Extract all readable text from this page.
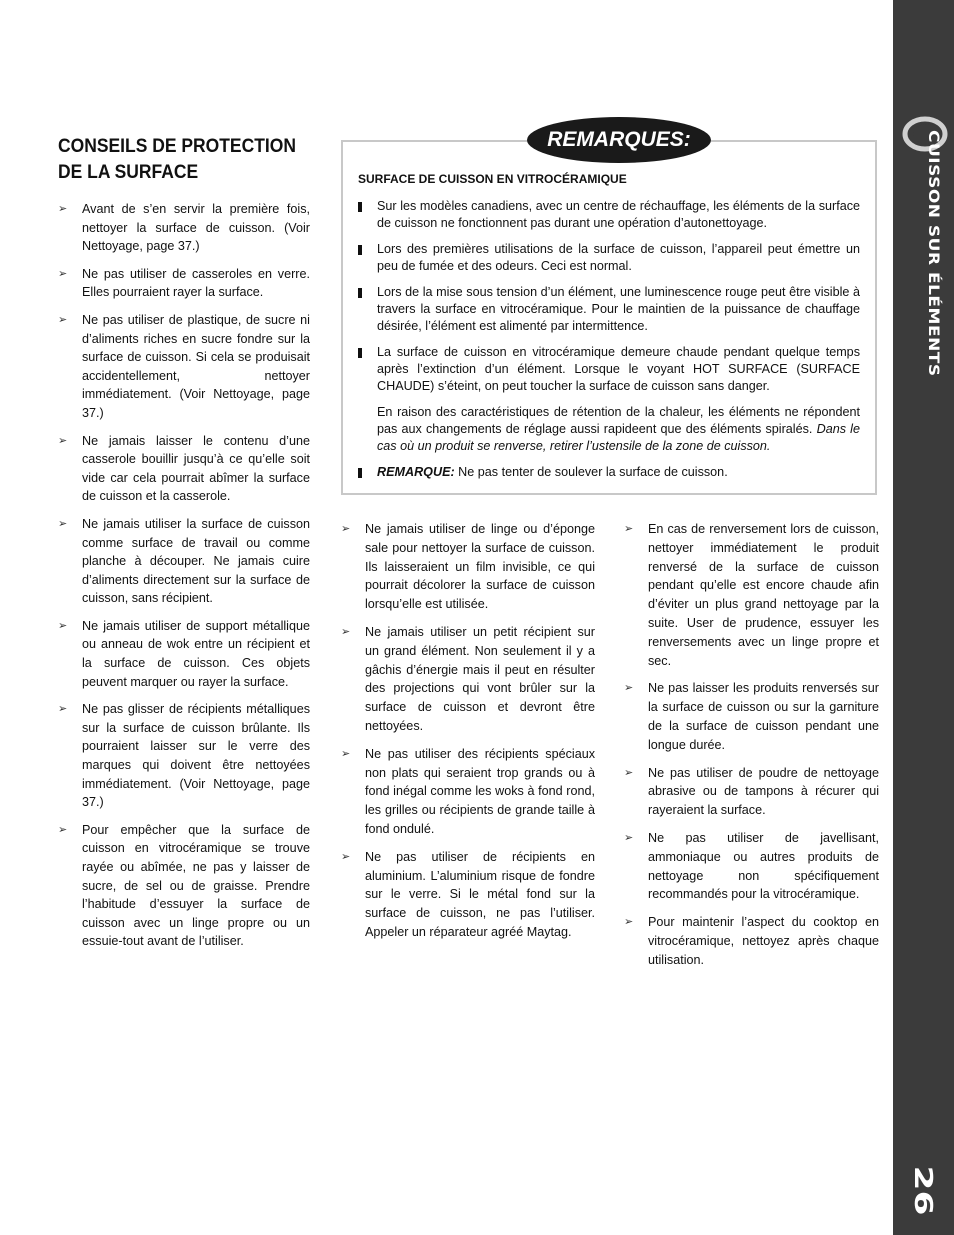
CUISSON SUR ÉLÉMENTS
26
CONSEILS DE PROTECTION
DE LA SURFACE
➢ Avant de s’en servir la première fois, nettoyer la surface de cuisson. (Voir Nettoyage, page 37.)
➢ Ne pas utiliser de casseroles en verre. Elles pourraient rayer la surface.
➢ Ne pas utiliser de plastique, de sucre ni d’aliments riches en sucre fondre sur la surface de cuisson. Si cela se produisait accidentellement, nettoyer immédiatement. (Voir Nettoyage, page 37.)
➢ Ne jamais laisser le contenu d’une casserole bouillir jusqu’à ce qu’elle soit vide car cela pourrait abîmer la surface de cuisson et la casserole.
➢ Ne jamais utiliser la surface de cuisson comme surface de travail ou comme planche à découper. Ne jamais cuire d’aliments directement sur la surface de cuisson, sans récipient.
➢ Ne jamais utiliser de support métallique ou anneau de wok entre un récipient et la surface de cuisson. Ces objets peuvent marquer ou rayer la surface.
➢ Ne pas glisser de récipients métalliques sur la surface de cuisson brûlante. Ils pourraient laisser sur le verre des marques qui doivent être nettoyées immédiatement. (Voir Nettoyage, page 37.)
➢ Pour empêcher que la surface de cuisson en vitrocéramique se trouve rayée ou abîmée, ne pas y laisser de sucre, de sel ou de graisse. Prendre l’habitude d’essuyer la surface de cuisson avec un linge propre ou un essuie-tout avant de l’utiliser.
REMARQUES:
SURFACE DE CUISSON EN VITROCÉRAMIQUE
Sur les modèles canadiens, avec un centre de réchauffage, les éléments de la surface de cuisson ne fonctionnent pas durant une opération d’autonettoyage.
Lors des premières utilisations de la surface de cuisson, l’appareil peut émettre un peu de fumée et des odeurs. Ceci est normal.
Lors de la mise sous tension d’un élément, une luminescence rouge peut être visible à travers la surface en vitrocéramique. Pour le maintien de la puissance de chauffage désirée, l’élément est alimenté par intermittence.
La surface de cuisson en vitrocéramique demeure chaude pendant quelque temps après l’extinction d’un élément. Lorsque le voyant HOT SURFACE (SURFACE CHAUDE) s’éteint, on peut toucher la surface de cuisson sans danger.
En raison des caractéristiques de rétention de la chaleur, les éléments ne répondent pas aux changements de réglage aussi rapideent que des éléments spiralés. Dans le cas où un produit se renverse, retirer l’ustensile de la zone de cuisson.
REMARQUE: Ne pas tenter de soulever la surface de cuisson.
➢ Ne jamais utiliser de linge ou d’éponge sale pour nettoyer la surface de cuisson. Ils laisseraient un film invisible, ce qui pourrait décolorer la surface de cuisson lorsqu’elle est utilisée.
➢ Ne jamais utiliser un petit récipient sur un grand élément. Non seulement il y a gâchis d’énergie mais il peut en résulter des projections qui vont brûler sur la surface de cuisson et devront être nettoyées.
➢ Ne pas utiliser des récipients spéciaux non plats qui seraient trop grands ou à fond inégal comme les woks à fond rond, les grilles ou récipients de grande taille à fond ondulé.
➢ Ne pas utiliser de récipients en aluminium. L’aluminium risque de fondre sur le verre. Si le métal fond sur la surface de cuisson, ne pas l’utiliser. Appeler un réparateur agréé Maytag.
➢ En cas de renversement lors de cuisson, nettoyer immédiatement le produit renversé de la surface de cuisson pendant qu’elle est encore chaude afin d’éviter un plus grand nettoyage par la suite. User de prudence, essuyer les renversements avec un linge propre et sec.
➢ Ne pas laisser les produits renversés sur la surface de cuisson ou sur la garniture de la surface de cuisson pendant une longue durée.
➢ Ne pas utiliser de poudre de nettoyage abrasive ou de tampons à récurer qui rayeraient la surface.
➢ Ne pas utiliser de javellisant, ammoniaque ou autres produits de nettoyage non spécifiquement recommandés pour la vitrocéramique.
➢ Pour maintenir l’aspect du cooktop en vitrocéramique, nettoyez après chaque utilisation.
